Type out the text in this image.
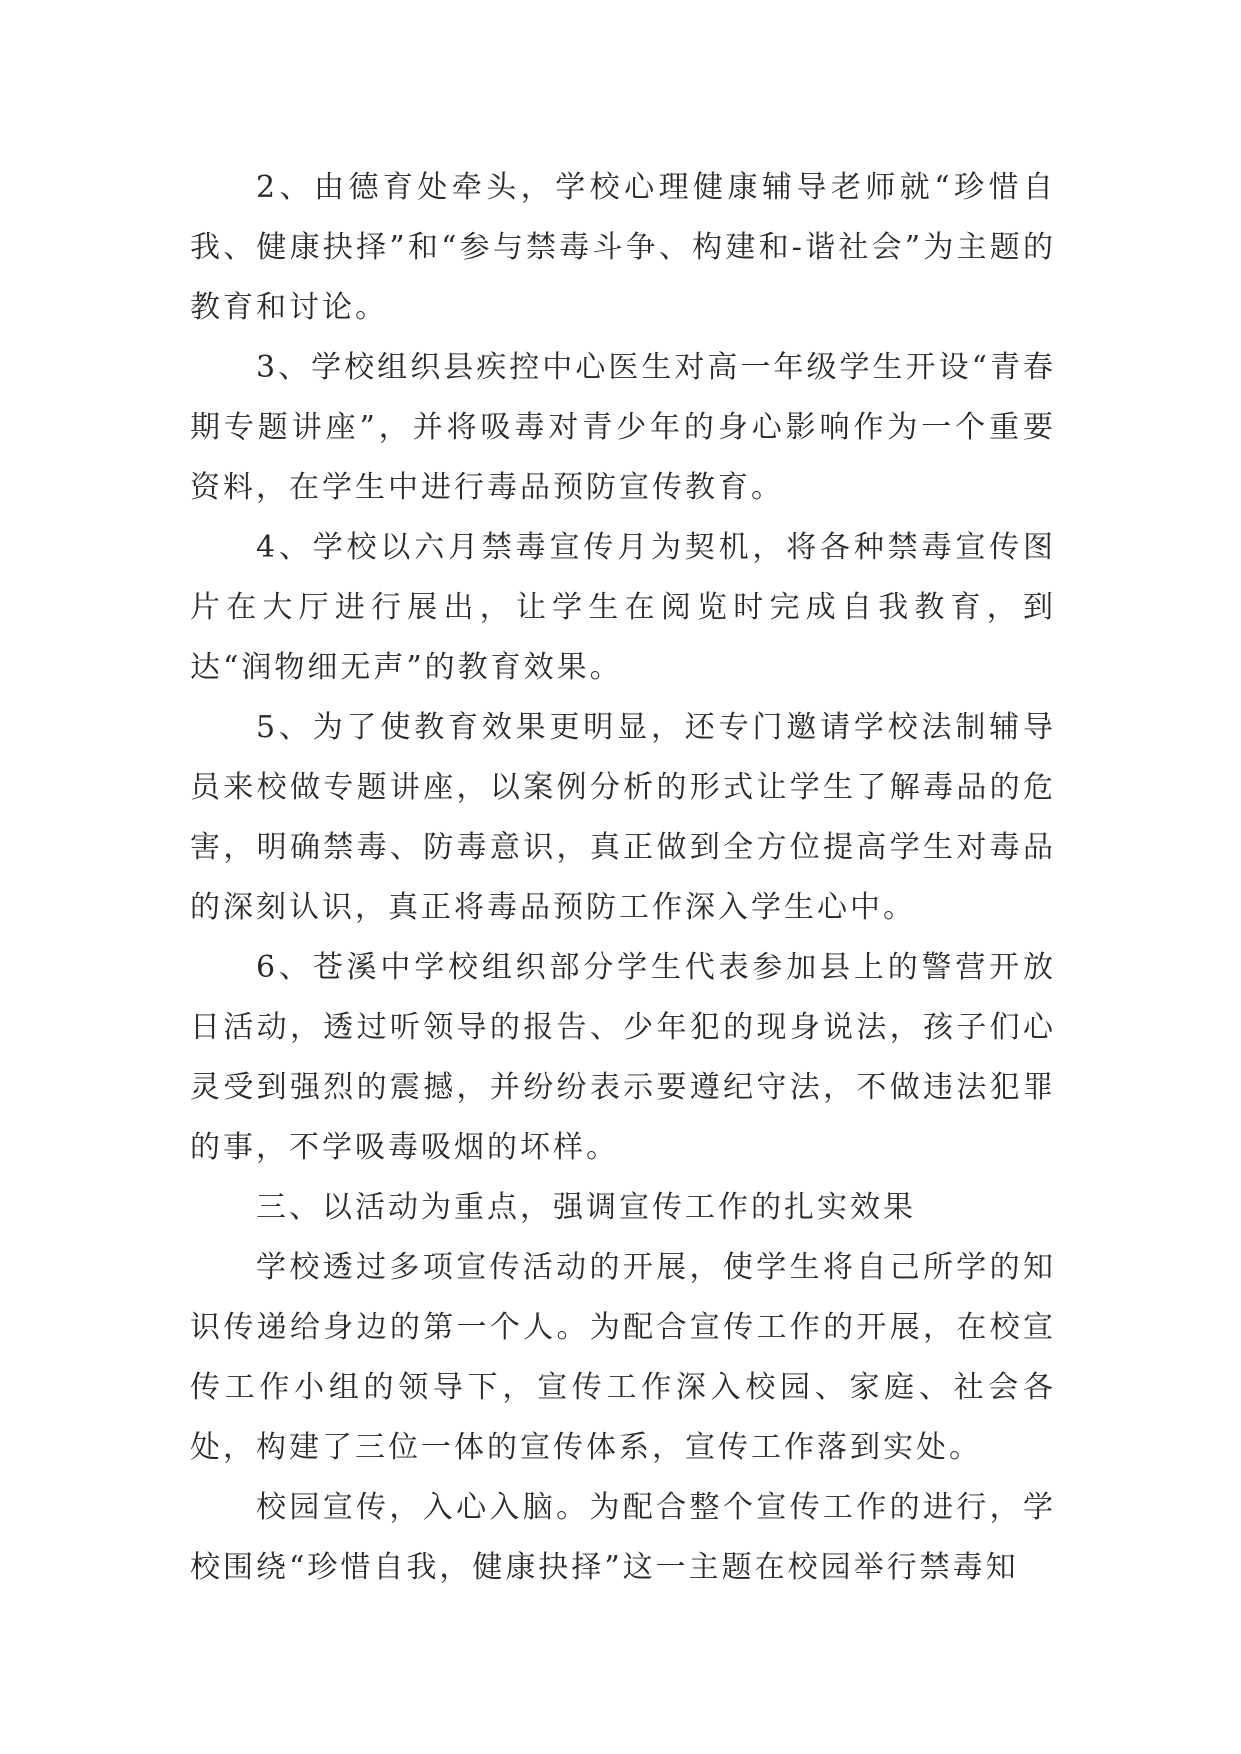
2、由德育处牵头，学校心理健康辅导老师就“珍惜自我、健康抉择”和“参与禁毒斗争、构建和-谐社会”为主题的教育和讨论。

3、学校组织县疾控中心医生对高一年级学生开设“青春期专题讲座”，并将吸毒对青少年的身心影响作为一个重要资料，在学生中进行毒品预防宣传教育。

4、学校以六月禁毒宣传月为契机，将各种禁毒宣传图片在大厅进行展出，让学生在阅览时完成自我教育，到达“润物细无声”的教育效果。

5、为了使教育效果更明显，还专门邀请学校法制辅导员来校做专题讲座，以案例分析的形式让学生了解毒品的危害，明确禁毒、防毒意识，真正做到全方位提高学生对毒品的深刻认识，真正将毒品预防工作深入学生心中。

6、苍溪中学校组织部分学生代表参加县上的警营开放日活动，透过听领导的报告、少年犯的现身说法，孩子们心灵受到强烈的震撼，并纷纷表示要遵纪守法，不做违法犯罪的事，不学吸毒吸烟的坏样。

三、以活动为重点，强调宣传工作的扎实效果

学校透过多项宣传活动的开展，使学生将自己所学的知识传递给身边的第一个人。为配合宣传工作的开展，在校宣传工作小组的领导下，宣传工作深入校园、家庭、社会各处，构建了三位一体的宣传体系，宣传工作落到实处。

校园宣传，入心入脑。为配合整个宣传工作的进行，学校围绕“珍惜自我，健康抉择”这一主题在校园举行禁毒知
